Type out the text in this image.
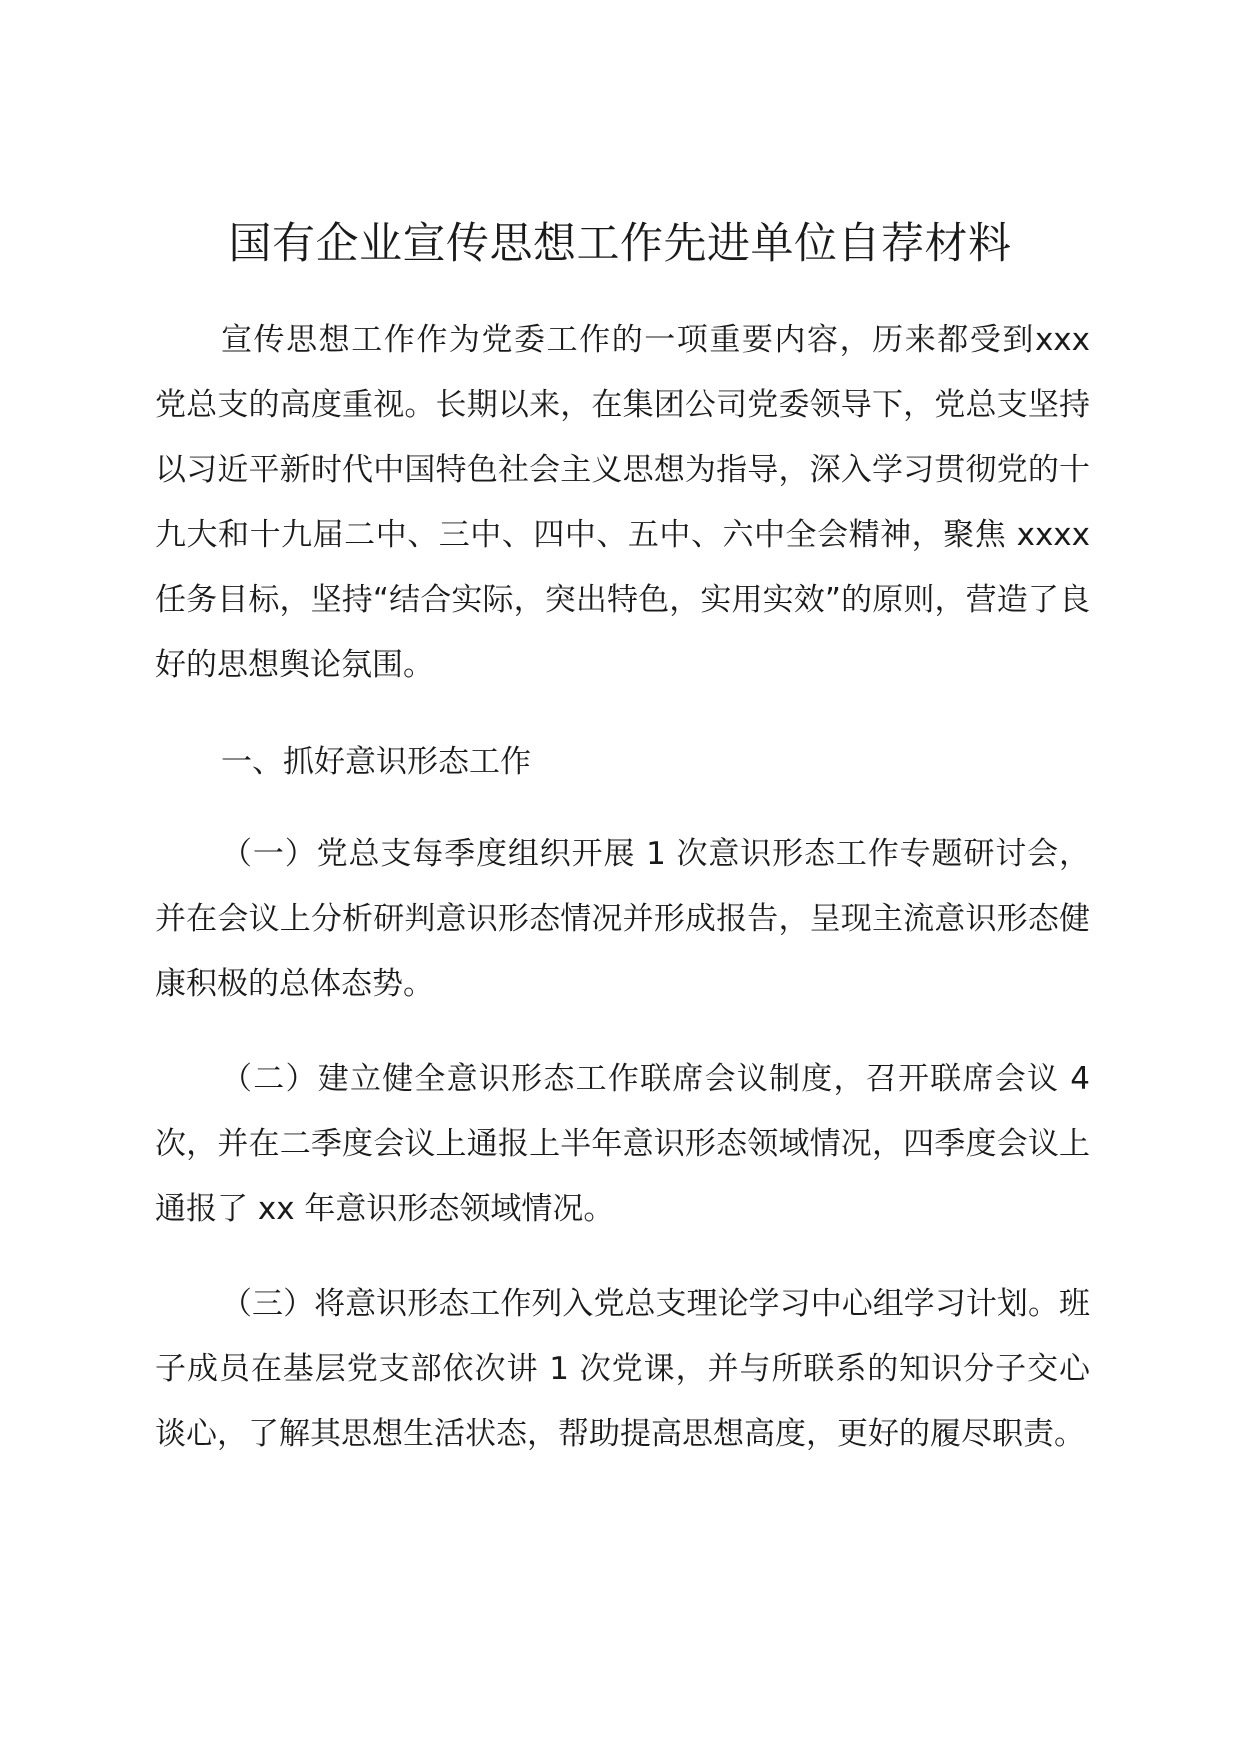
国有企业宣传思想工作先进单位自荐材料

宣传思想工作作为党委工作的一项重要内容，历来都受到xxx 党总支的高度重视。长期以来，在集团公司党委领导下，党总支坚持以习近平新时代中国特色社会主义思想为指导，深入学习贯彻党的十九大和十九届二中、三中、四中、五中、六中全会精神，聚焦 xxxx 任务目标，坚持“结合实际，突出特色，实用实效”的原则，营造了良好的思想舆论氛围。

一、抓好意识形态工作

（一）党总支每季度组织开展 1 次意识形态工作专题研讨会，并在会议上分析研判意识形态情况并形成报告，呈现主流意识形态健康积极的总体态势。

（二）建立健全意识形态工作联席会议制度，召开联席会议 4 次，并在二季度会议上通报上半年意识形态领域情况，四季度会议上通报了 xx 年意识形态领域情况。

（三）将意识形态工作列入党总支理论学习中心组学习计划。班子成员在基层党支部依次讲 1 次党课，并与所联系的知识分子交心谈心，了解其思想生活状态，帮助提高思想高度，更好的履尽职责。
